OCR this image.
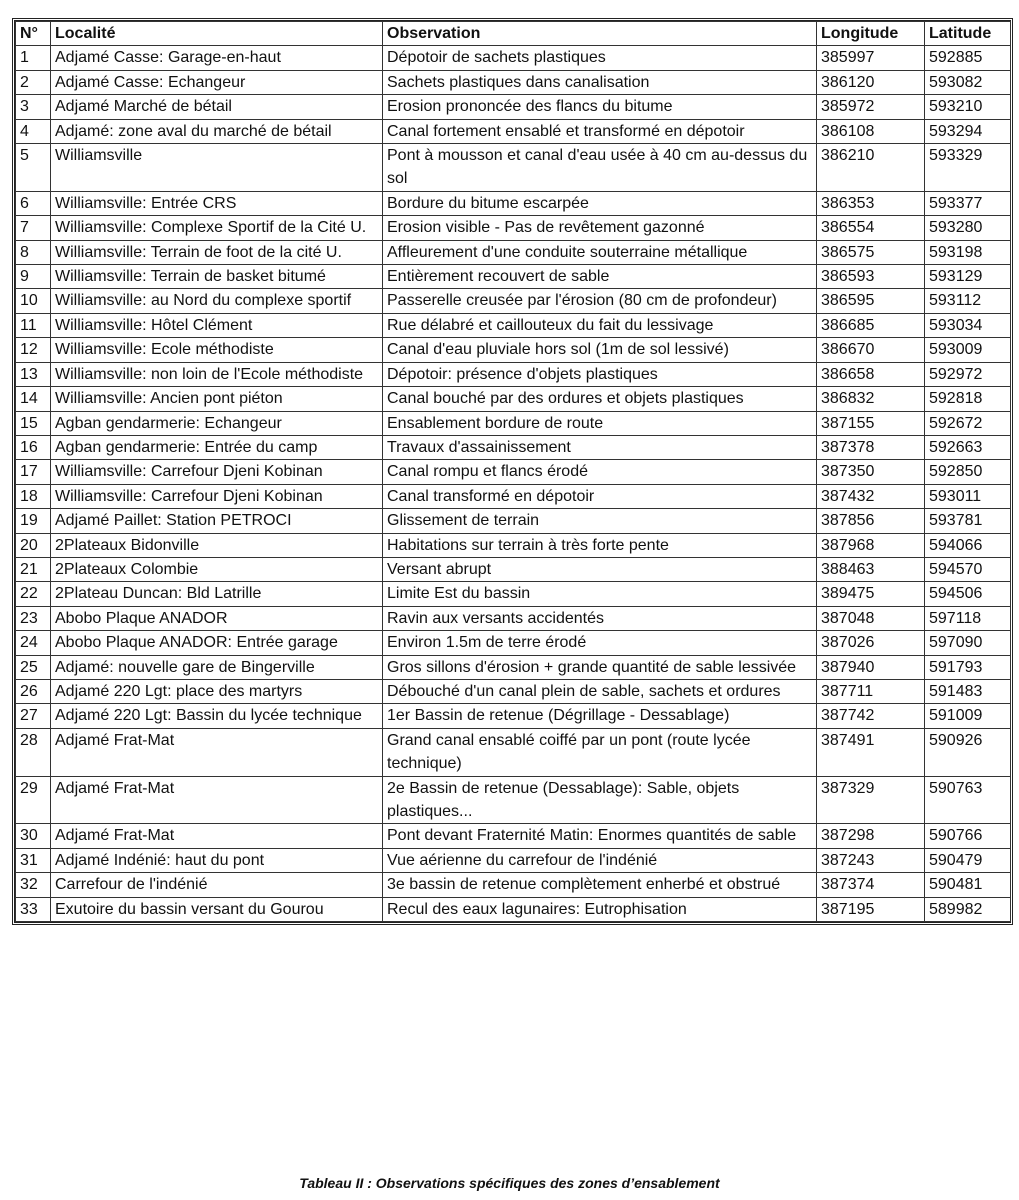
N°	Localité	Observation	Longitude	Latitude
1	Adjamé Casse: Garage-en-haut	Dépotoir de sachets plastiques	385997	592885
2	Adjamé Casse: Echangeur	Sachets plastiques dans canalisation	386120	593082
3	Adjamé Marché de bétail	Erosion prononcée des flancs du bitume	385972	593210
4	Adjamé: zone aval du marché de bétail	Canal fortement ensablé et transformé en dépotoir	386108	593294
5	Williamsville	Pont à mousson et canal d'eau usée à 40 cm au-dessus du sol	386210	593329
6	Williamsville: Entrée CRS	Bordure du bitume escarpée	386353	593377
7	Williamsville: Complexe Sportif de la Cité U.	Erosion visible - Pas de revêtement gazonné	386554	593280
8	Williamsville: Terrain de foot de la cité U.	Affleurement d'une conduite souterraine métallique	386575	593198
9	Williamsville: Terrain de basket bitumé	Entièrement recouvert de sable	386593	593129
10	Williamsville: au Nord du complexe sportif	Passerelle creusée par l'érosion (80 cm de profondeur)	386595	593112
11	Williamsville: Hôtel Clément	Rue délabré et caillouteux du fait du lessivage	386685	593034
12	Williamsville: Ecole méthodiste	Canal d'eau pluviale hors sol (1m de sol lessivé)	386670	593009
13	Williamsville: non loin de l'Ecole méthodiste	Dépotoir: présence d'objets plastiques	386658	592972
14	Williamsville: Ancien pont piéton	Canal bouché par des ordures et objets plastiques	386832	592818
15	Agban gendarmerie: Echangeur	Ensablement bordure de route	387155	592672
16	Agban gendarmerie: Entrée du camp	Travaux d'assainissement	387378	592663
17	Williamsville: Carrefour Djeni Kobinan	Canal rompu et flancs érodé	387350	592850
18	Williamsville: Carrefour Djeni Kobinan	Canal transformé en dépotoir	387432	593011
19	Adjamé Paillet: Station PETROCI	Glissement de terrain	387856	593781
20	2Plateaux Bidonville	Habitations sur terrain à très forte pente	387968	594066
21	2Plateaux Colombie	Versant abrupt	388463	594570
22	2Plateau Duncan: Bld Latrille	Limite Est du bassin	389475	594506
23	Abobo Plaque ANADOR	Ravin aux versants accidentés	387048	597118
24	Abobo Plaque ANADOR: Entrée garage	Environ 1.5m de terre érodé	387026	597090
25	Adjamé: nouvelle gare de Bingerville	Gros sillons d'érosion + grande quantité de sable lessivée	387940	591793
26	Adjamé 220 Lgt: place des martyrs	Débouché d'un canal plein de sable, sachets et ordures	387711	591483
27	Adjamé 220 Lgt: Bassin du lycée technique	1er Bassin de retenue (Dégrillage - Dessablage)	387742	591009
28	Adjamé Frat-Mat	Grand canal ensablé coiffé par un pont (route lycée technique)	387491	590926
29	Adjamé Frat-Mat	2e Bassin de retenue (Dessablage): Sable, objets plastiques...	387329	590763
30	Adjamé Frat-Mat	Pont devant Fraternité Matin: Enormes quantités de sable	387298	590766
31	Adjamé Indénié: haut du pont	Vue aérienne du carrefour de l'indénié	387243	590479
32	Carrefour de l'indénié	3e bassin de retenue complètement enherbé et obstrué	387374	590481
33	Exutoire du bassin versant du Gourou	Recul des eaux lagunaires: Eutrophisation	387195	589982
Tableau II : Observations spécifiques des zones d’ensablement
